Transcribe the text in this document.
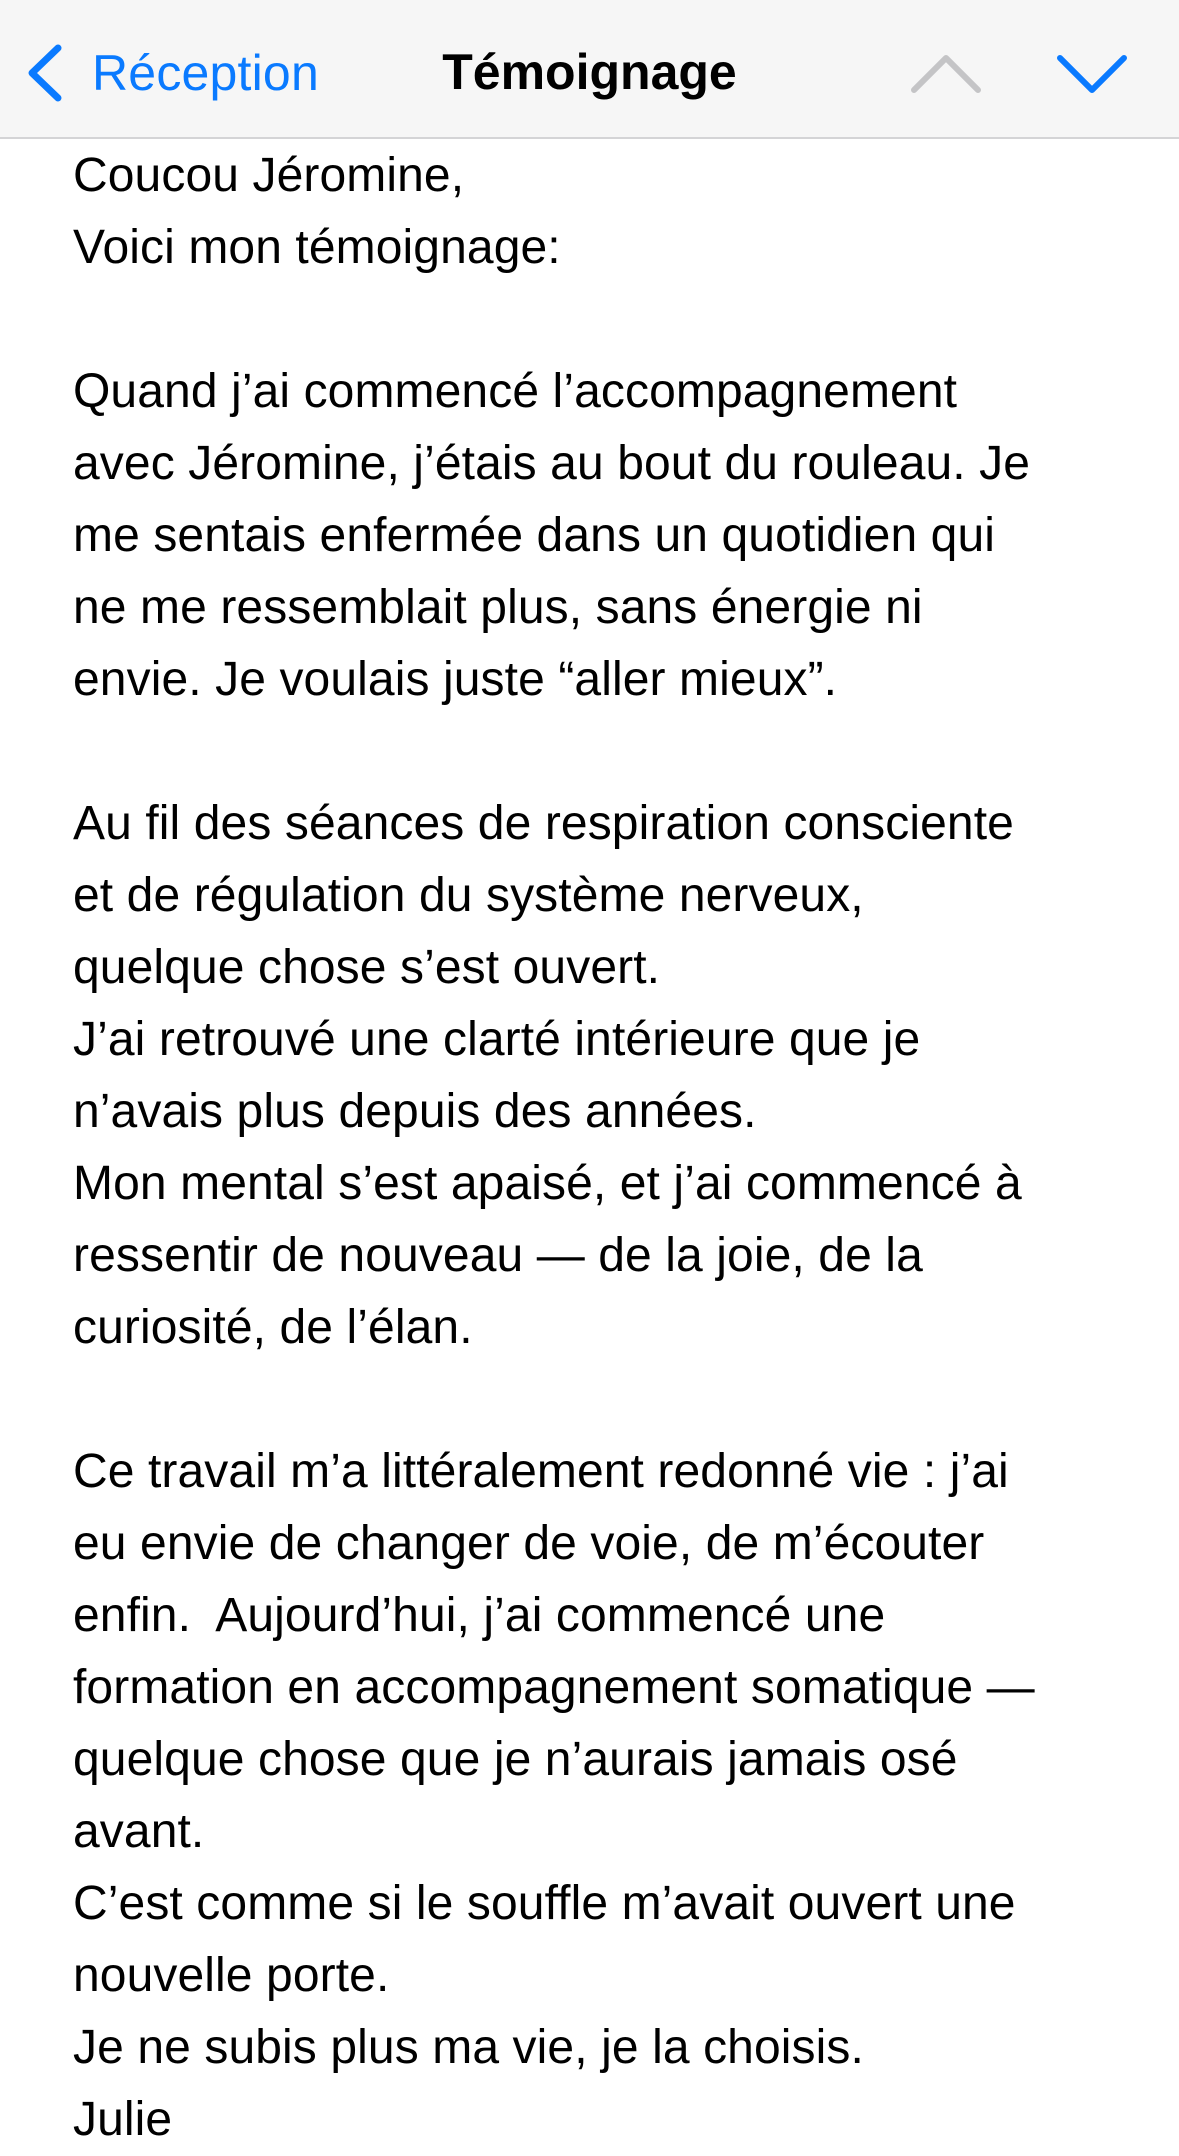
Réception	Témoignage
Coucou Jéromine,
Voici mon témoignage:
Quand j’ai commencé l’accompagnement
avec Jéromine, j’étais au bout du rouleau. Je
me sentais enfermée dans un quotidien qui
ne me ressemblait plus, sans énergie ni
envie. Je voulais juste “aller mieux”.
Au fil des séances de respiration consciente
et de régulation du système nerveux,
quelque chose s’est ouvert.
J’ai retrouvé une clarté intérieure que je
n’avais plus depuis des années.
Mon mental s’est apaisé, et j’ai commencé à
ressentir de nouveau — de la joie, de la
curiosité, de l’élan.
Ce travail m’a littéralement redonné vie : j’ai
eu envie de changer de voie, de m’écouter
enfin.  Aujourd’hui, j’ai commencé une
formation en accompagnement somatique —
quelque chose que je n’aurais jamais osé
avant.
C’est comme si le souffle m’avait ouvert une
nouvelle porte.
Je ne subis plus ma vie, je la choisis.
Julie
